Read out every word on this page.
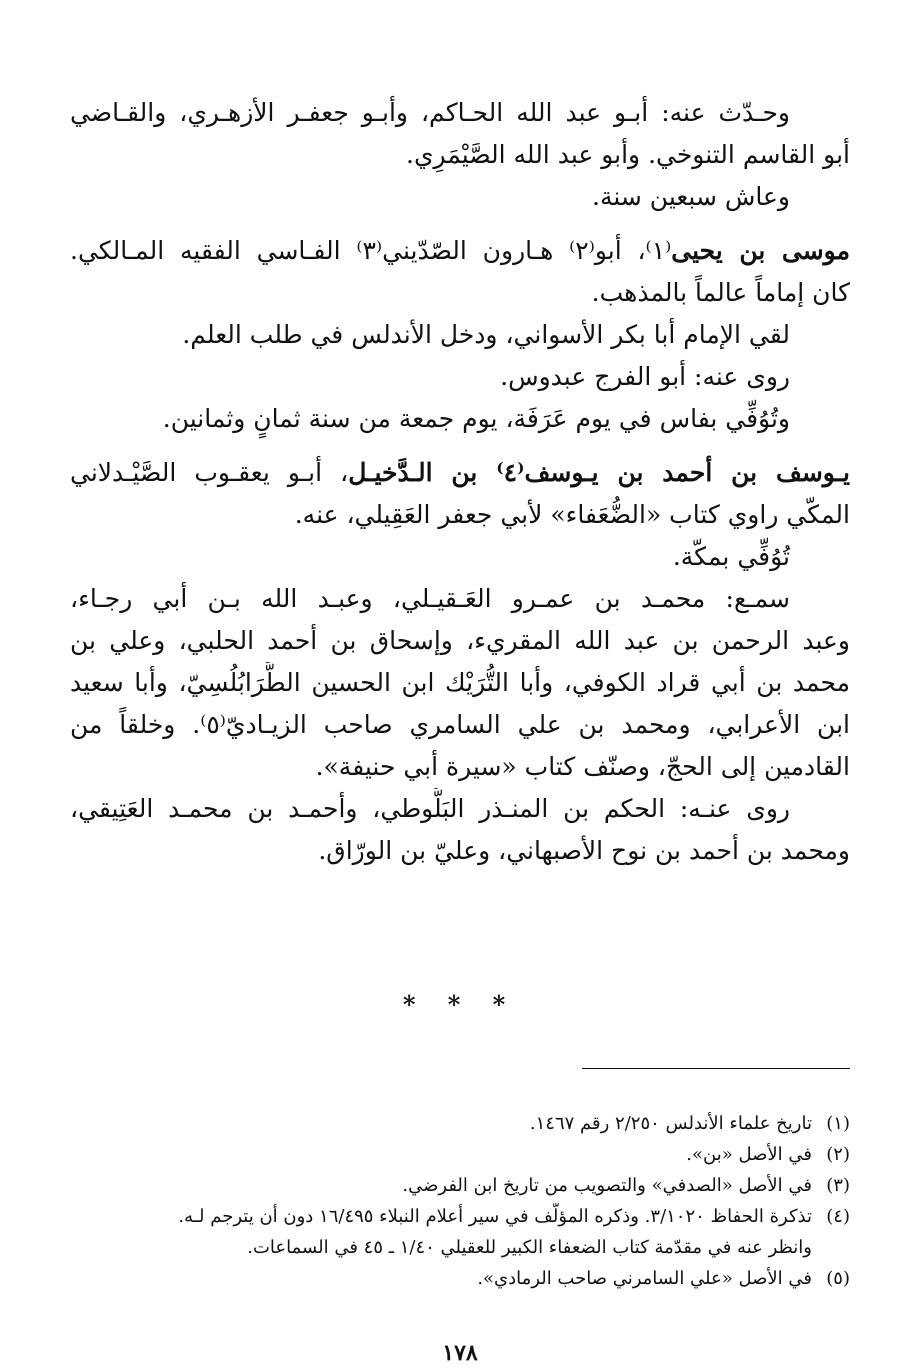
وحـدّث عنه: أبـو عبد الله الحـاكم، وأبـو جعفـر الأزهـري، والقـاضي
أبو القاسم التنوخي. وأبو عبد الله الصَّيْمَرِي.
وعاش سبعين سنة.
موسى بن يحيى⁽١⁾، أبو⁽٢⁾ هـارون الصّدّيني⁽٣⁾ الفـاسي الفقيه المـالكي.
كان إماماً عالماً بالمذهب.
لقي الإمام أبا بكر الأسواني، ودخل الأندلس في طلب العلم.
روى عنه: أبو الفرج عبدوس.
وتُوُفِّي بفاس في يوم عَرَفَة، يوم جمعة من سنة ثمانٍ وثمانين.
يـوسف بن أحمد بن يـوسف⁽٤⁾ بن الـدَّخيـل، أبـو يعقـوب الصَّيْـدلاني
المكّي راوي كتاب «الضُّعَفاء» لأبي جعفر العَقِيلي، عنه.
تُوُفِّي بمكّة.
سمـع: محمـد بن عمـرو العَـقيـلي، وعبـد الله بـن أبي رجـاء،
وعبد الرحمن بن عبد الله المقريء، وإسحاق بن أحمد الحلبي، وعلي بن
محمد بن أبي قراد الكوفي، وأبا التُّرَيْك ابن الحسين الطَّرَابُلُسِيّ، وأبا سعيد
ابن الأعرابي، ومحمد بن علي السامري صاحب الزيـاديّ⁽٥⁾. وخلقاً من
القادمين إلى الحجّ، وصنّف كتاب «سيرة أبي حنيفة».
روى عنـه: الحكم بن المنـذر البَلُّوطي، وأحمـد بن محمـد العَتِيقي،
ومحمد بن أحمد بن نوح الأصبهاني، وعليّ بن الورّاق.
* * *
(١)تاريخ علماء الأندلس ٢/٢٥٠ رقم ١٤٦٧.
(٢)في الأصل «بن».
(٣)في الأصل «الصدفي» والتصويب من تاريخ ابن الفرضي.
(٤)تذكرة الحفاظ ٣/١٠٢٠. وذكره المؤلّف في سير أعلام النبلاء ١٦/٤٩٥ دون أن يترجم لـه.
وانظر عنه في مقدّمة كتاب الضعفاء الكبير للعقيلي ١/٤٠ ـ ٤٥ في السماعات.
(٥)في الأصل «علي السامرني صاحب الرمادي».
١٧٨
